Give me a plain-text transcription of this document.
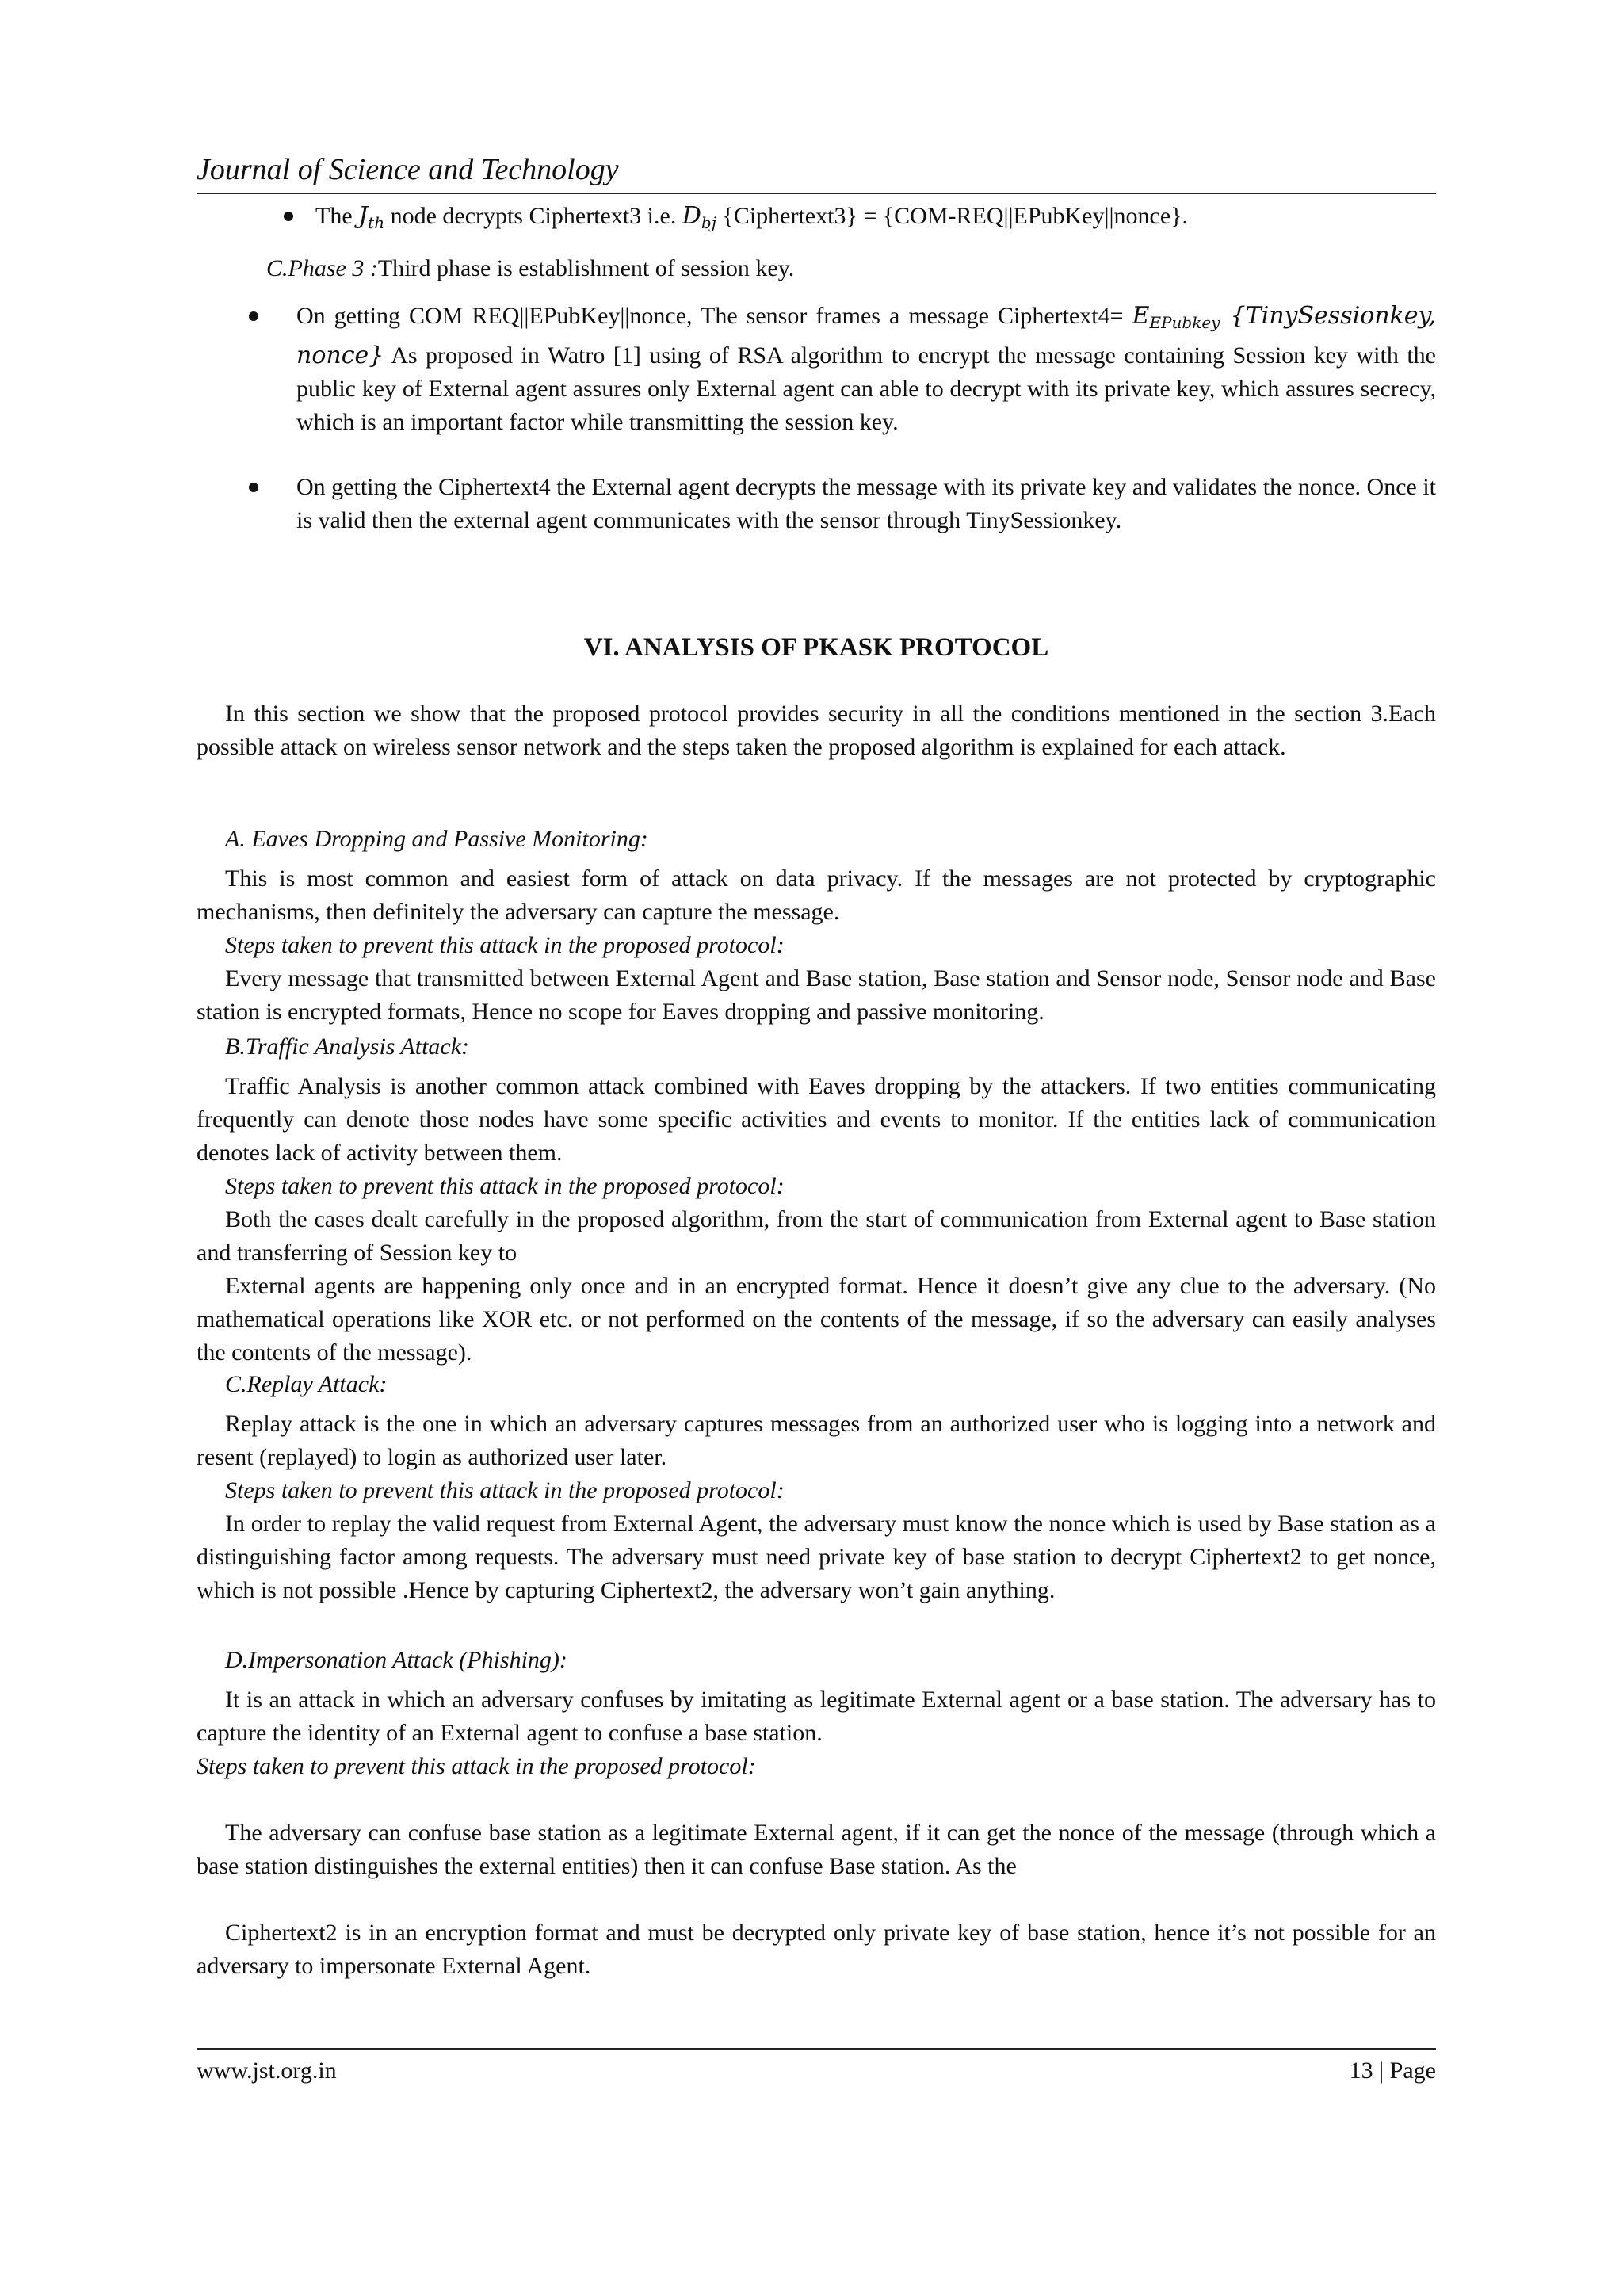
Journal of Science and Technology
The $J_{th}$ node decrypts Ciphertext3 i.e. $D_{bj}$ {Ciphertext3} = {COM-REQ||EPubKey||nonce}.
C.Phase 3 :Third phase is establishment of session key.
On getting COM REQ||EPubKey||nonce, The sensor frames a message Ciphertext4= $E_{EPubkey}$ {TinySessionkey, nonce} As proposed in Watro [1] using of RSA algorithm to encrypt the message containing Session key with the public key of External agent assures only External agent can able to decrypt with its private key, which assures secrecy, which is an important factor while transmitting the session key.
On getting the Ciphertext4 the External agent decrypts the message with its private key and validates the nonce. Once it is valid then the external agent communicates with the sensor through TinySessionkey.
VI. ANALYSIS OF PKASK PROTOCOL

In this section we show that the proposed protocol provides security in all the conditions mentioned in the section 3.Each possible attack on wireless sensor network and the steps taken the proposed algorithm is explained for each attack.

A. Eaves Dropping and Passive Monitoring:

This is most common and easiest form of attack on data privacy. If the messages are not protected by cryptographic mechanisms, then definitely the adversary can capture the message.

Steps taken to prevent this attack in the proposed protocol:

Every message that transmitted between External Agent and Base station, Base station and Sensor node, Sensor node and Base station is encrypted formats, Hence no scope for Eaves dropping and passive monitoring.

B.Traffic Analysis Attack:

Traffic Analysis is another common attack combined with Eaves dropping by the attackers. If two entities communicating frequently can denote those nodes have some specific activities and events to monitor. If the entities lack of communication denotes lack of activity between them.

Steps taken to prevent this attack in the proposed protocol:

Both the cases dealt carefully in the proposed algorithm, from the start of communication from External agent to Base station and transferring of Session key to

External agents are happening only once and in an encrypted format. Hence it doesn’t give any clue to the adversary. (No mathematical operations like XOR etc. or not performed on the contents of the message, if so the adversary can easily analyses the contents of the message).

C.Replay Attack:

Replay attack is the one in which an adversary captures messages from an authorized user who is logging into a network and resent (replayed) to login as authorized user later.

Steps taken to prevent this attack in the proposed protocol:

In order to replay the valid request from External Agent, the adversary must know the nonce which is used by Base station as a distinguishing factor among requests. The adversary must need private key of base station to decrypt Ciphertext2 to get nonce, which is not possible .Hence by capturing Ciphertext2, the adversary won’t gain anything.

D.Impersonation Attack (Phishing):

It is an attack in which an adversary confuses by imitating as legitimate External agent or a base station. The adversary has to capture the identity of an External agent to confuse a base station.

Steps taken to prevent this attack in the proposed protocol:

The adversary can confuse base station as a legitimate External agent, if it can get the nonce of the message (through which a base station distinguishes the external entities) then it can confuse Base station. As the

Ciphertext2 is in an encryption format and must be decrypted only private key of base station, hence it’s not possible for an adversary to impersonate External Agent.

www.jst.org.in	13 | Page
